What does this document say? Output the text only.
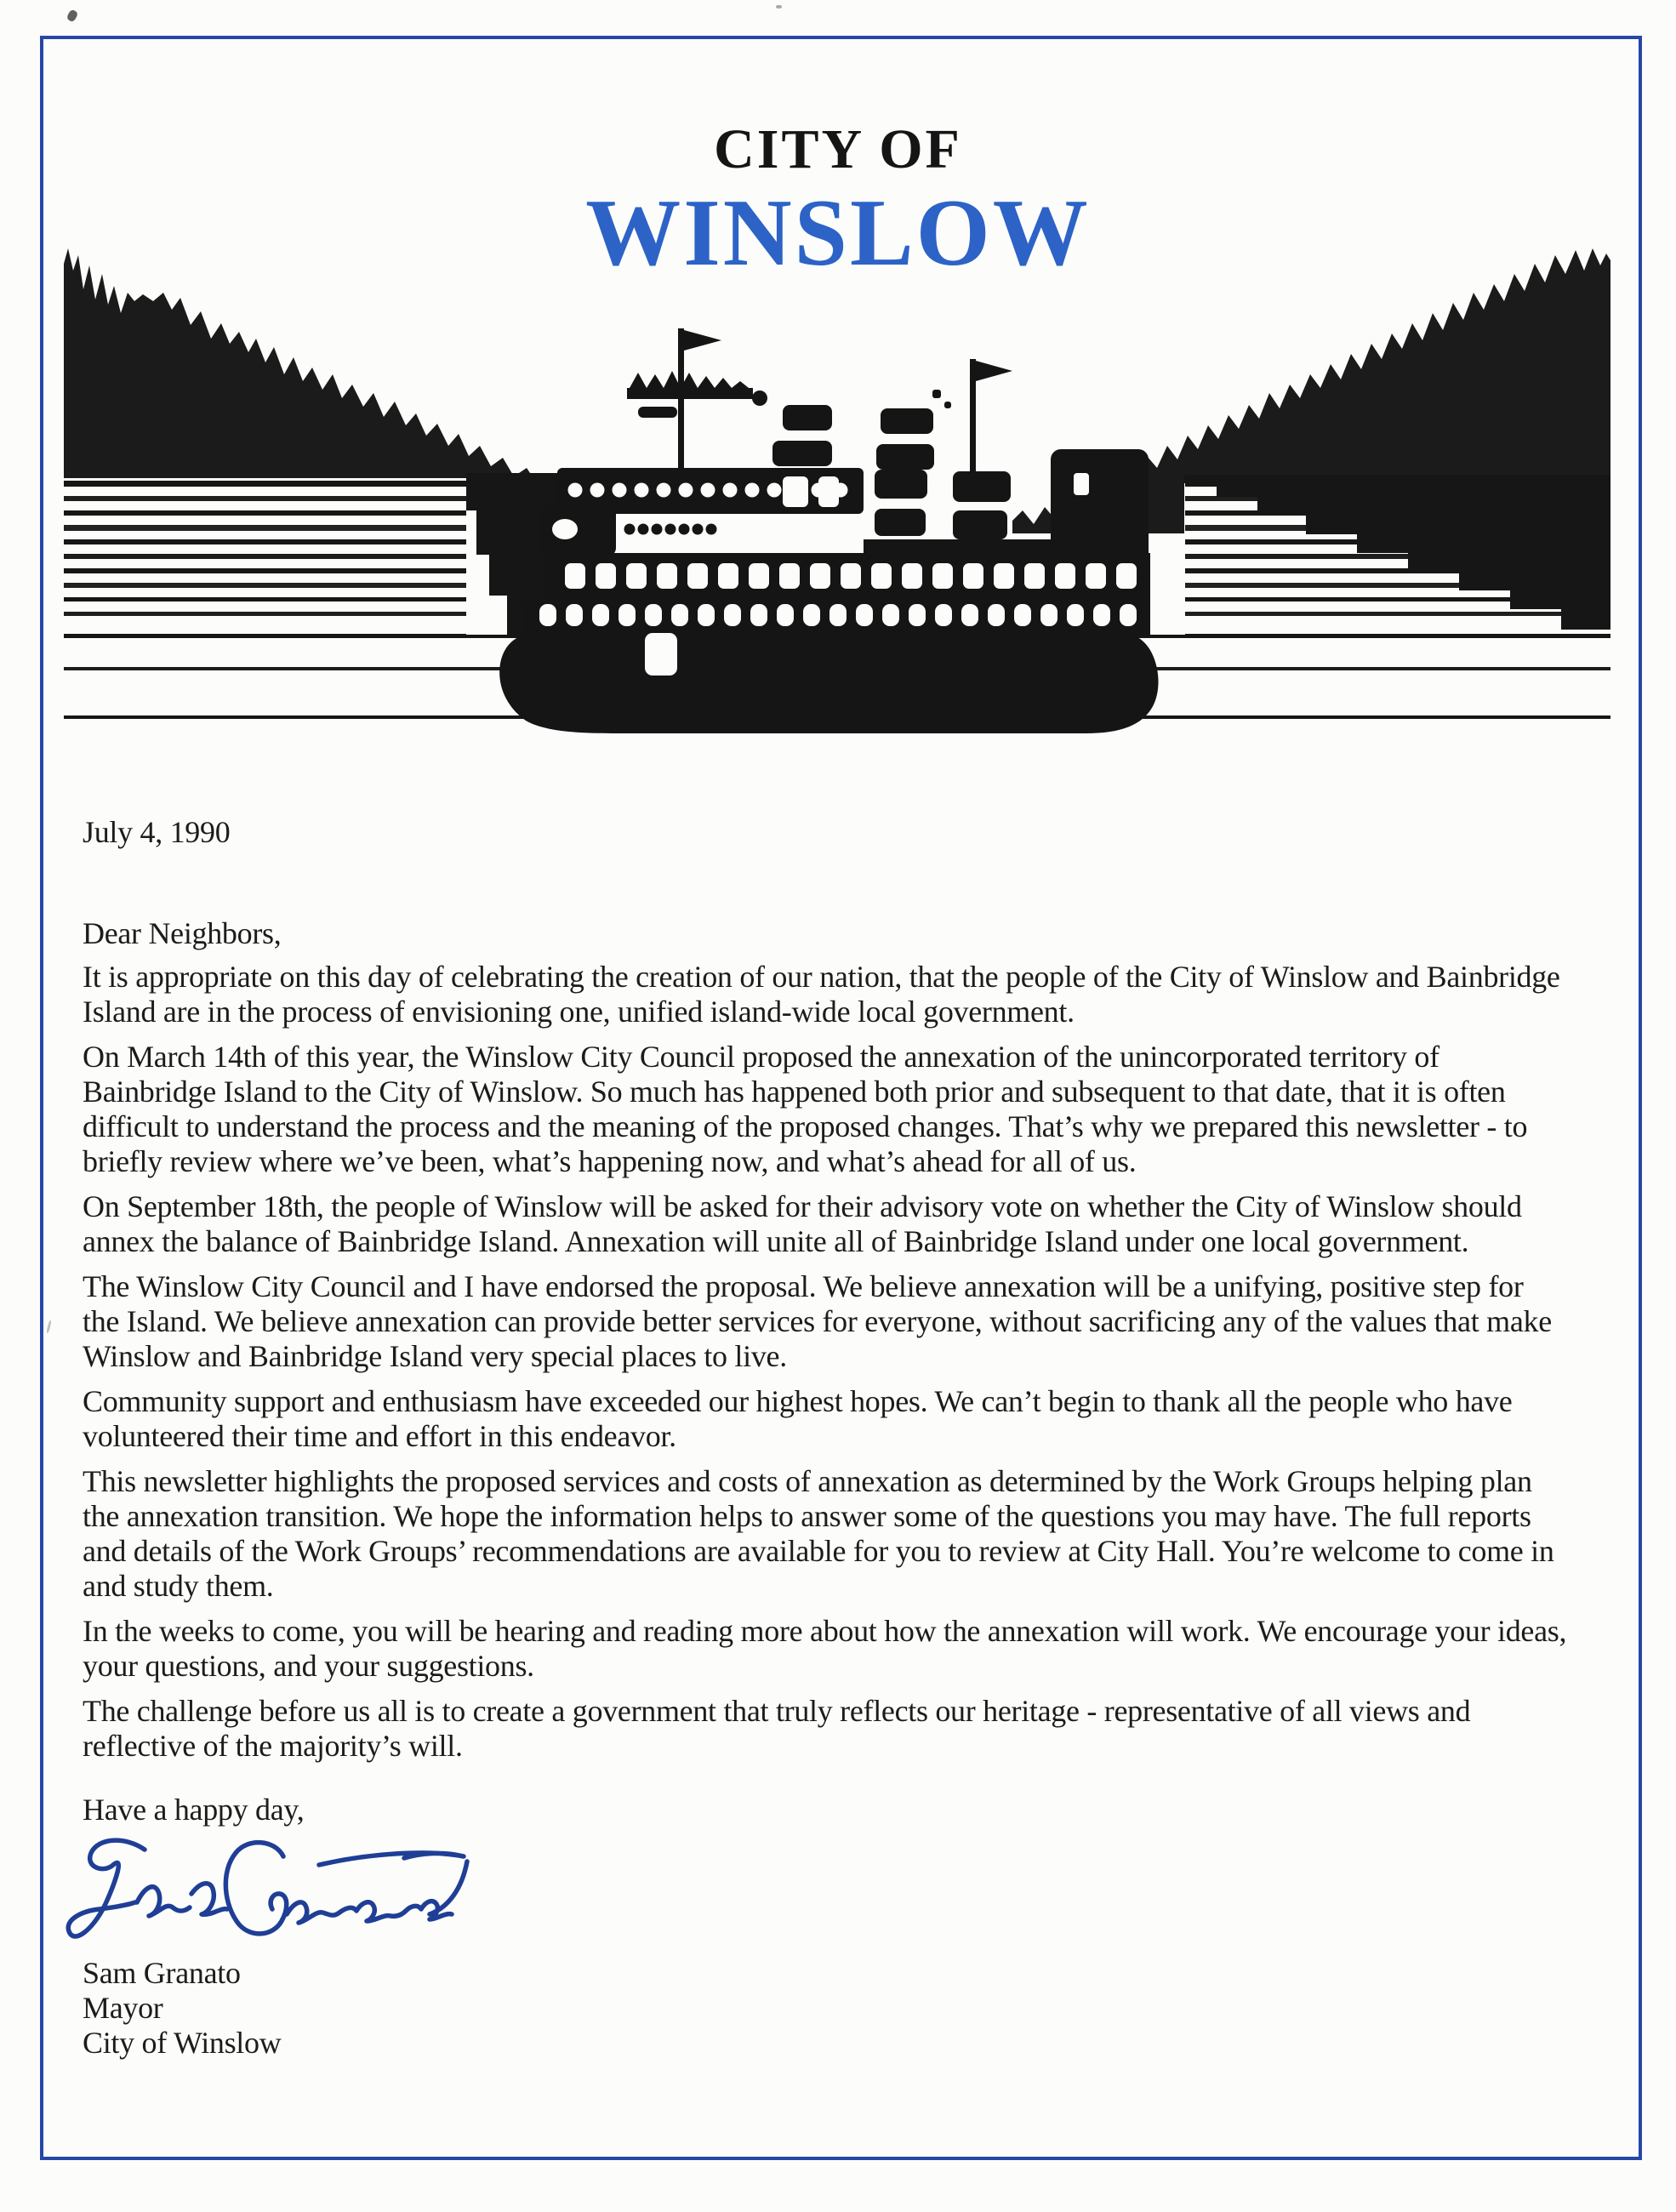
CITY OF
WINSLOW
July 4, 1990
Dear Neighbors,

It is appropriate on this day of celebrating the creation of our nation, that the people of the City of Winslow and Bainbridge Island are in the process of envisioning one, unified island-wide local government.

On March 14th of this year, the Winslow City Council proposed the annexation of the unincorporated territory of Bainbridge Island to the City of Winslow. So much has happened both prior and subsequent to that date, that it is often difficult to understand the process and the meaning of the proposed changes. That’s why we prepared this newsletter - to briefly review where we’ve been, what’s happening now, and what’s ahead for all of us.

On September 18th, the people of Winslow will be asked for their advisory vote on whether the City of Winslow should annex the balance of Bainbridge Island. Annexation will unite all of Bainbridge Island under one local government.

The Winslow City Council and I have endorsed the proposal. We believe annexation will be a unifying, positive step for the Island. We believe annexation can provide better services for everyone, without sacrificing any of the values that make Winslow and Bainbridge Island very special places to live.

Community support and enthusiasm have exceeded our highest hopes. We can’t begin to thank all the people who have volunteered their time and effort in this endeavor.

This newsletter highlights the proposed services and costs of annexation as determined by the Work Groups helping plan the annexation transition. We hope the information helps to answer some of the questions you may have. The full reports and details of the Work Groups’ recommendations are available for you to review at City Hall. You’re welcome to come in and study them.

In the weeks to come, you will be hearing and reading more about how the annexation will work. We encourage your ideas, your questions, and your suggestions.

The challenge before us all is to create a government that truly reflects our heritage - representative of all views and reflective of the majority’s will.

Have a happy day,
Sam Granato
Mayor
City of Winslow
